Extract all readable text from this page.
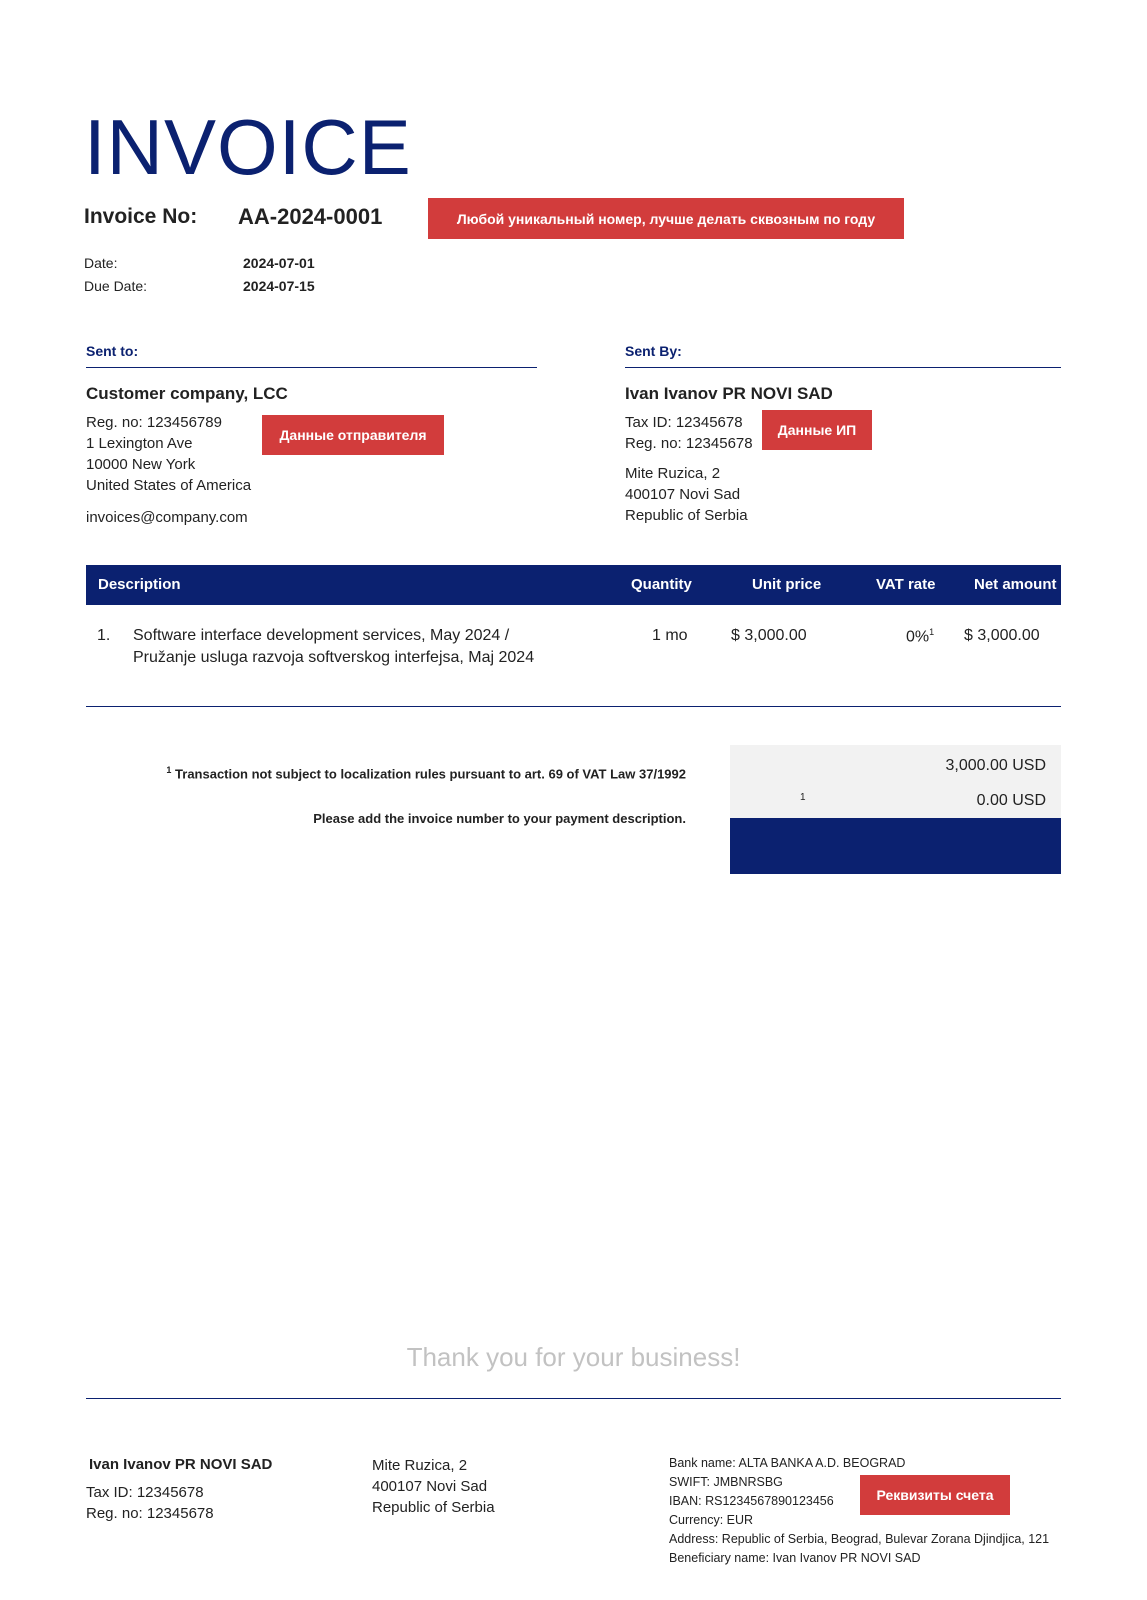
INVOICE
Invoice No: AA-2024-0001	Любой уникальный номер, лучше делать сквозным по году
Date:	2024-07-01
Due Date:	2024-07-15
Sent to:
Customer company, LCC
Reg. no: 123456789
1 Lexington Ave
10000 New York
United States of America
invoices@company.com
Данные отправителя
Sent By:
Ivan Ivanov PR NOVI SAD
Tax ID: 12345678
Reg. no: 12345678
Mite Ruzica, 2
400107 Novi Sad
Republic of Serbia
Данные ИП
Description	Quantity	Unit price	VAT rate	Net amount
1. Software interface development services, May 2024 /
Pružanje usluga razvoja softverskog interfejsa, Maj 2024
1 mo	$ 3,000.00	0%$^1$ $ 3,000.00
$^1$ Transaction not subject to localization rules pursuant to art. 69 of VAT Law 37/1992
Please add the invoice number to your payment description.
3,000.00 USD
1	0.00 USD
Thank you for your business!
Ivan Ivanov PR NOVI SAD
Tax ID: 12345678
Reg. no: 12345678
Mite Ruzica, 2
400107 Novi Sad
Republic of Serbia
Bank name: ALTA BANKA A.D. BEOGRAD
SWIFT: JMBNRSBG
IBAN: RS1234567890123456
Currency: EUR
Address: Republic of Serbia, Beograd, Bulevar Zorana Djindjica, 121
Beneficiary name: Ivan Ivanov PR NOVI SAD
Реквизиты счета
